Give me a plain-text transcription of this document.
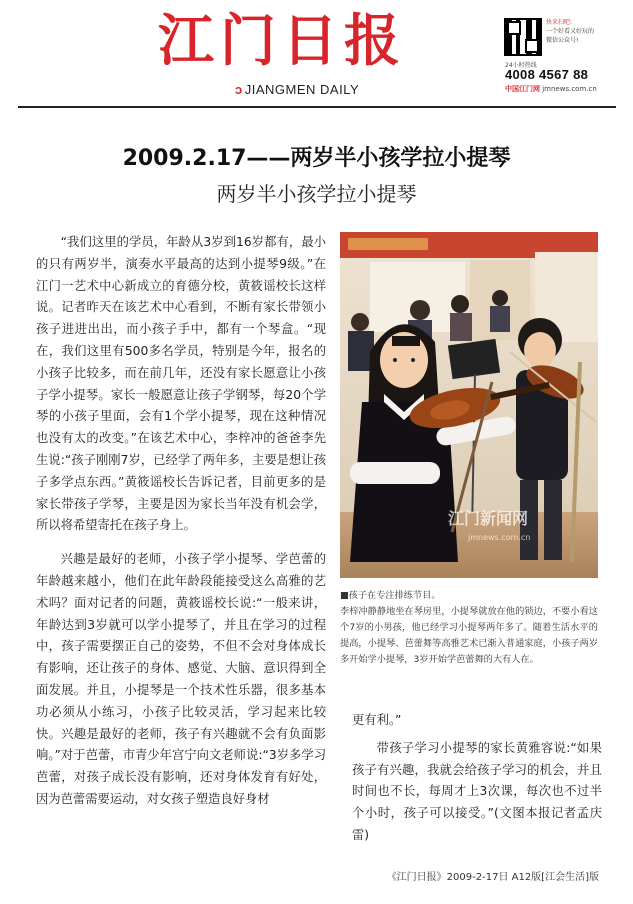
江门日报
ↄ JIANGMEN DAILY
快来扫吧:
一个好看又好玩的
微信公众号!
24小时热线
4008 4567 88
中国江门网 jmnews.com.cn
2009.2.17——两岁半小孩学拉小提琴
两岁半小孩学拉小提琴

“我们这里的学员，年龄从3岁到16岁都有，最小的只有两岁半，演奏水平最高的达到小提琴9级。”在江门一艺术中心新成立的育德分校，黄筱谣校长这样说。记者昨天在该艺术中心看到，不断有家长带领小孩子进进出出，而小孩子手中，都有一个琴盒。“现在，我们这里有500多名学员，特别是今年，报名的小孩子比较多，而在前几年，还没有家长愿意让小孩子学小提琴。家长一般愿意让孩子学钢琴，每20个学琴的小孩子里面，会有1个学小提琴，现在这种情况也没有太的改变。”在该艺术中心，李梓冲的爸爸李先生说:“孩子刚刚7岁，已经学了两年多，主要是想让孩子多学点东西。”黄筱谣校长告诉记者，目前更多的是家长带孩子学琴，主要是因为家长当年没有机会学，所以将希望寄托在孩子身上。

兴趣是最好的老师，小孩子学小提琴、学芭蕾的年龄越来越小，他们在此年龄段能接受这么高雅的艺术吗？面对记者的问题，黄筱谣校长说:“一般来讲，年龄达到3岁就可以学小提琴了，并且在学习的过程中，孩子需要摆正自己的姿势，不但不会对身体成长有影响，还让孩子的身体、感觉、大脑、意识得到全面发展。并且，小提琴是一个技术性乐器，很多基本功必须从小练习，小孩子比较灵活，学习起来比较快。兴趣是最好的老师，孩子有兴趣就不会有负面影响。”对于芭蕾，市青少年宫宁向文老师说:“3岁多学习芭蕾，对孩子成长没有影响，还对身体发育有好处，因为芭蕾需要运动，对女孩子塑造良好身材

江门新闻网
jmnews.com.cn
■孩子在专注排练节目。
李梓冲静静地坐在琴房里，小提琴就放在他的锁边，不要小看这个7岁的小男孩，他已经学习小提琴两年多了。随着生活水平的提高，小提琴、芭蕾舞等高雅艺术已渐入普通家庭，小孩子两岁多开始学小提琴，3岁开始学芭蕾舞的大有人在。

更有利。”

带孩子学习小提琴的家长黄雅容说:“如果孩子有兴趣，我就会给孩子学习的机会，并且时间也不长，每周才上3次课，每次也不过半个小时，孩子可以接受。”(文图本报记者孟庆雷)

《江门日报》2009-2-17日 A12版[江会生活]版
